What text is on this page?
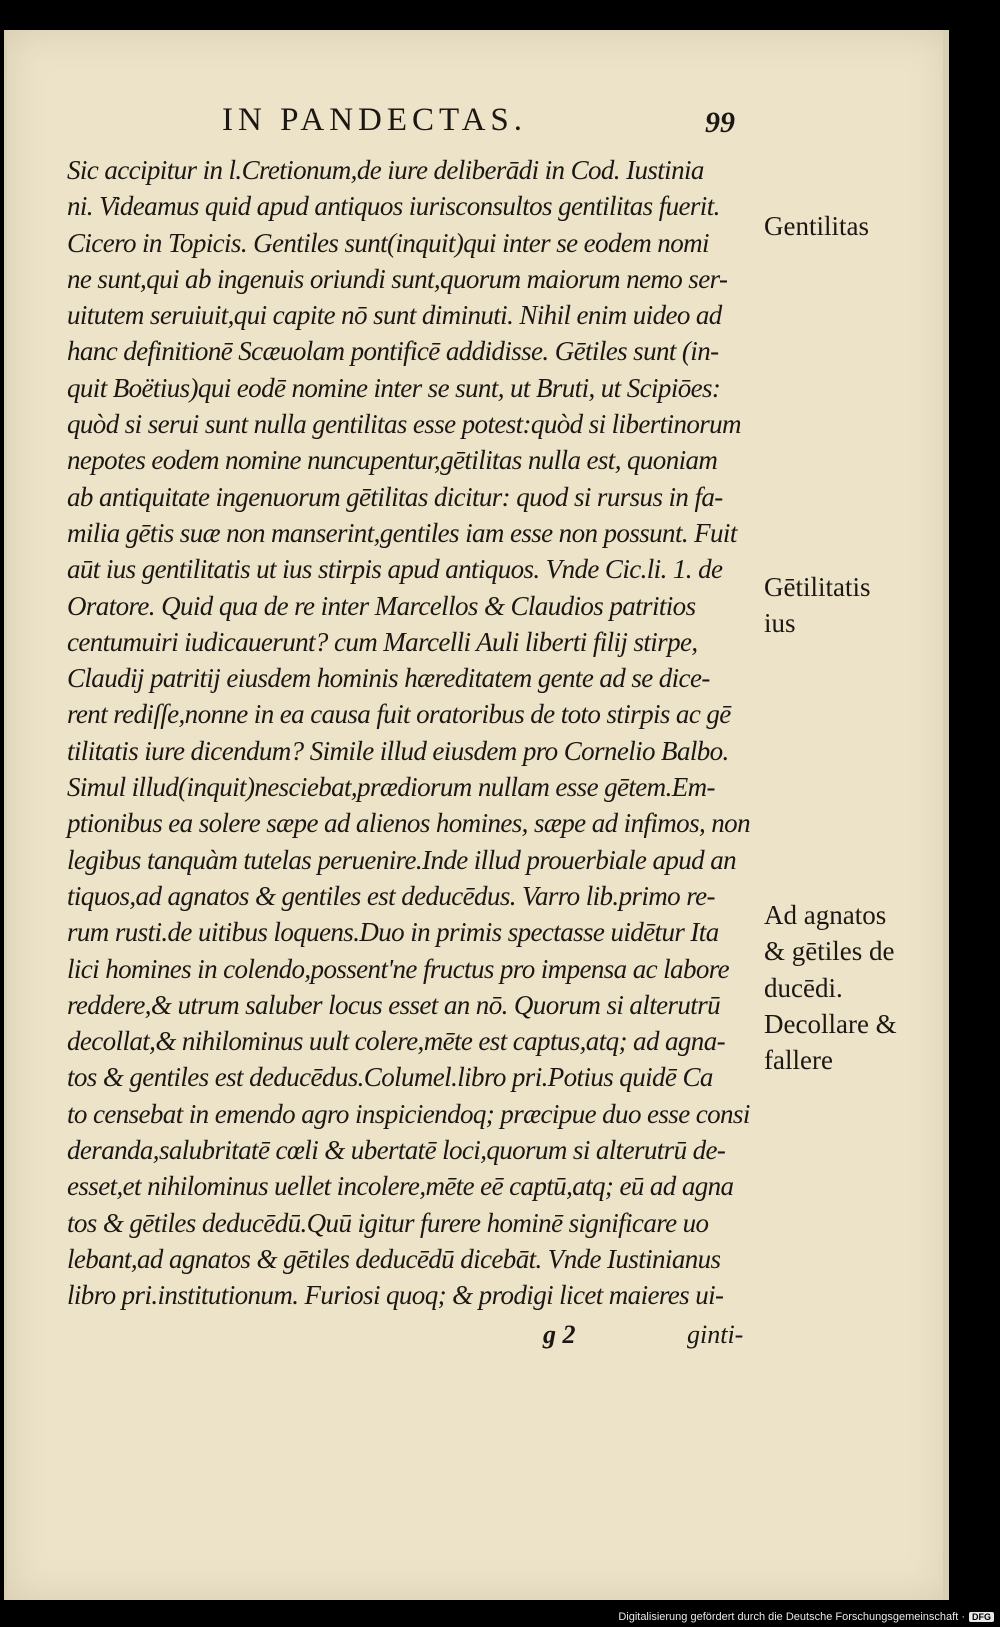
IN PANDECTAS.	99
Sic accipitur in l.Cretionum,de iure deliberādi in Cod. Iustinia
ni. Videamus quid apud antiquos iurisconsultos gentilitas fuerit.
Cicero in Topicis. Gentiles sunt(inquit)qui inter se eodem nomi
ne sunt,qui ab ingenuis oriundi sunt,quorum maiorum nemo ser-
uitutem seruiuit,qui capite nō sunt diminuti. Nihil enim uideo ad
hanc definitionē Scæuolam pontificē addidisse. Gētiles sunt (in-
quit Boëtius)qui eodē nomine inter se sunt, ut Bruti, ut Scipiōes:
quòd si serui sunt nulla gentilitas esse potest:quòd si libertinorum
nepotes eodem nomine nuncupentur,gētilitas nulla est, quoniam
ab antiquitate ingenuorum gētilitas dicitur: quod si rursus in fa-
milia gētis suæ non manserint,gentiles iam esse non possunt. Fuit
aūt ius gentilitatis ut ius stirpis apud antiquos. Vnde Cic.li. 1. de
Oratore. Quid qua de re inter Marcellos & Claudios patritios
centumuiri iudicauerunt? cum Marcelli Auli liberti filij stirpe,
Claudij patritij eiusdem hominis hæreditatem gente ad se dice-
rent rediſſe,nonne in ea causa fuit oratoribus de toto stirpis ac gē
tilitatis iure dicendum? Simile illud eiusdem pro Cornelio Balbo.
Simul illud(inquit)nesciebat,prædiorum nullam esse gētem.Em-
ptionibus ea solere sæpe ad alienos homines, sæpe ad infimos, non
legibus tanquàm tutelas peruenire.Inde illud prouerbiale apud an
tiquos,ad agnatos & gentiles est deducēdus. Varro lib.primo re-
rum rusti.de uitibus loquens.Duo in primis spectasse uidētur Ita
lici homines in colendo,possent'ne fructus pro impensa ac labore
reddere,& utrum saluber locus esset an nō. Quorum si alterutrū
decollat,& nihilominus uult colere,mēte est captus,atq; ad agna-
tos & gentiles est deducēdus.Columel.libro pri.Potius quidē Ca
to censebat in emendo agro inspiciendoq; præcipue duo esse consi
deranda,salubritatē cœli & ubertatē loci,quorum si alterutrū de-
esset,et nihilominus uellet incolere,mēte eē captū,atq; eū ad agna
tos & gētiles deducēdū.Quū igitur furere hominē significare uo
lebant,ad agnatos & gētiles deducēdū dicebāt. Vnde Iustinianus
libro pri.institutionum. Furiosi quoq; & prodigi licet maieres ui-
Gentilitas
Gētilitatis
ius
Ad agnatos
& gētiles de
ducēdi.
Decollare &
fallere
g 2	ginti-
Digitalisierung gefördert durch die Deutsche Forschungsgemeinschaft · DFG
